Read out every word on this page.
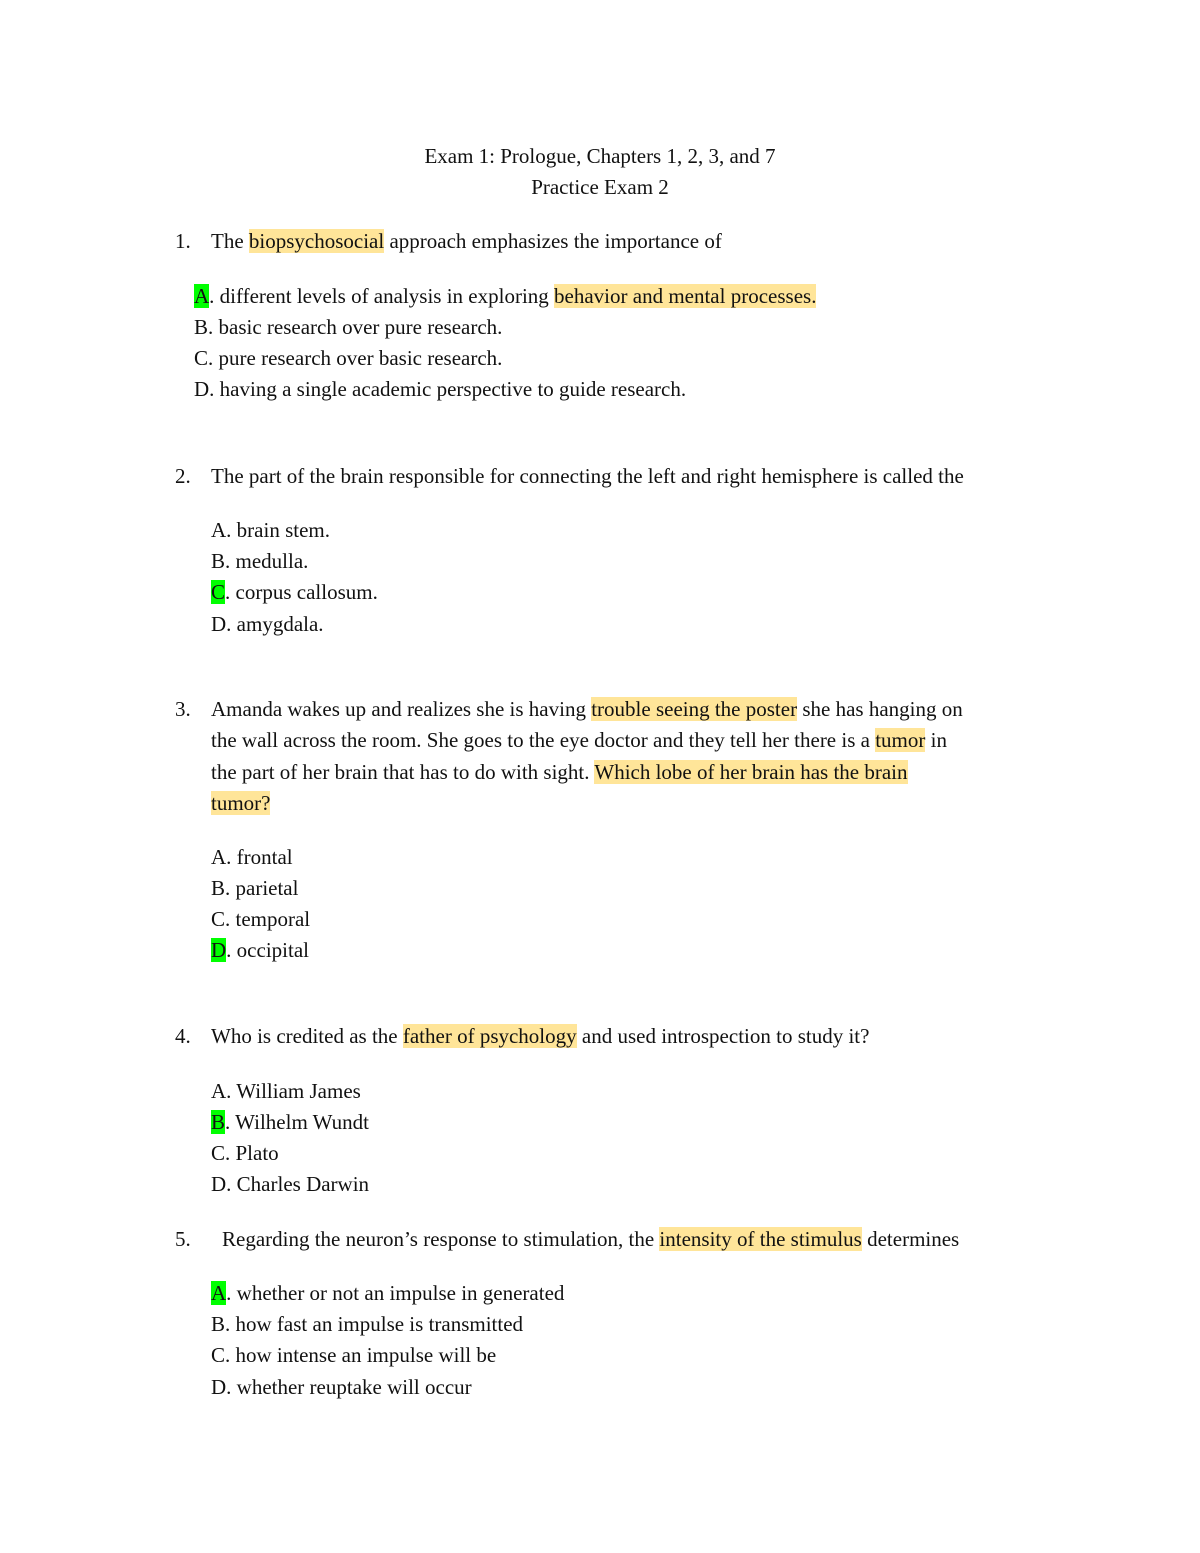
Exam 1: Prologue, Chapters 1, 2, 3, and 7
Practice Exam 2
1. The biopsychosocial approach emphasizes the importance of
A. different levels of analysis in exploring behavior and mental processes.
B. basic research over pure research.
C. pure research over basic research.
D. having a single academic perspective to guide research.
2. The part of the brain responsible for connecting the left and right hemisphere is called the
A. brain stem.
B. medulla.
C. corpus callosum.
D. amygdala.
3. Amanda wakes up and realizes she is having trouble seeing the poster she has hanging on
the wall across the room. She goes to the eye doctor and they tell her there is a tumor in
the part of her brain that has to do with sight. Which lobe of her brain has the brain
tumor?
A. frontal
B. parietal
C. temporal
D. occipital
4. Who is credited as the father of psychology and used introspection to study it?
A. William James
B. Wilhelm Wundt
C. Plato
D. Charles Darwin
5. Regarding the neuron’s response to stimulation, the intensity of the stimulus determines
A. whether or not an impulse in generated
B. how fast an impulse is transmitted
C. how intense an impulse will be
D. whether reuptake will occur
